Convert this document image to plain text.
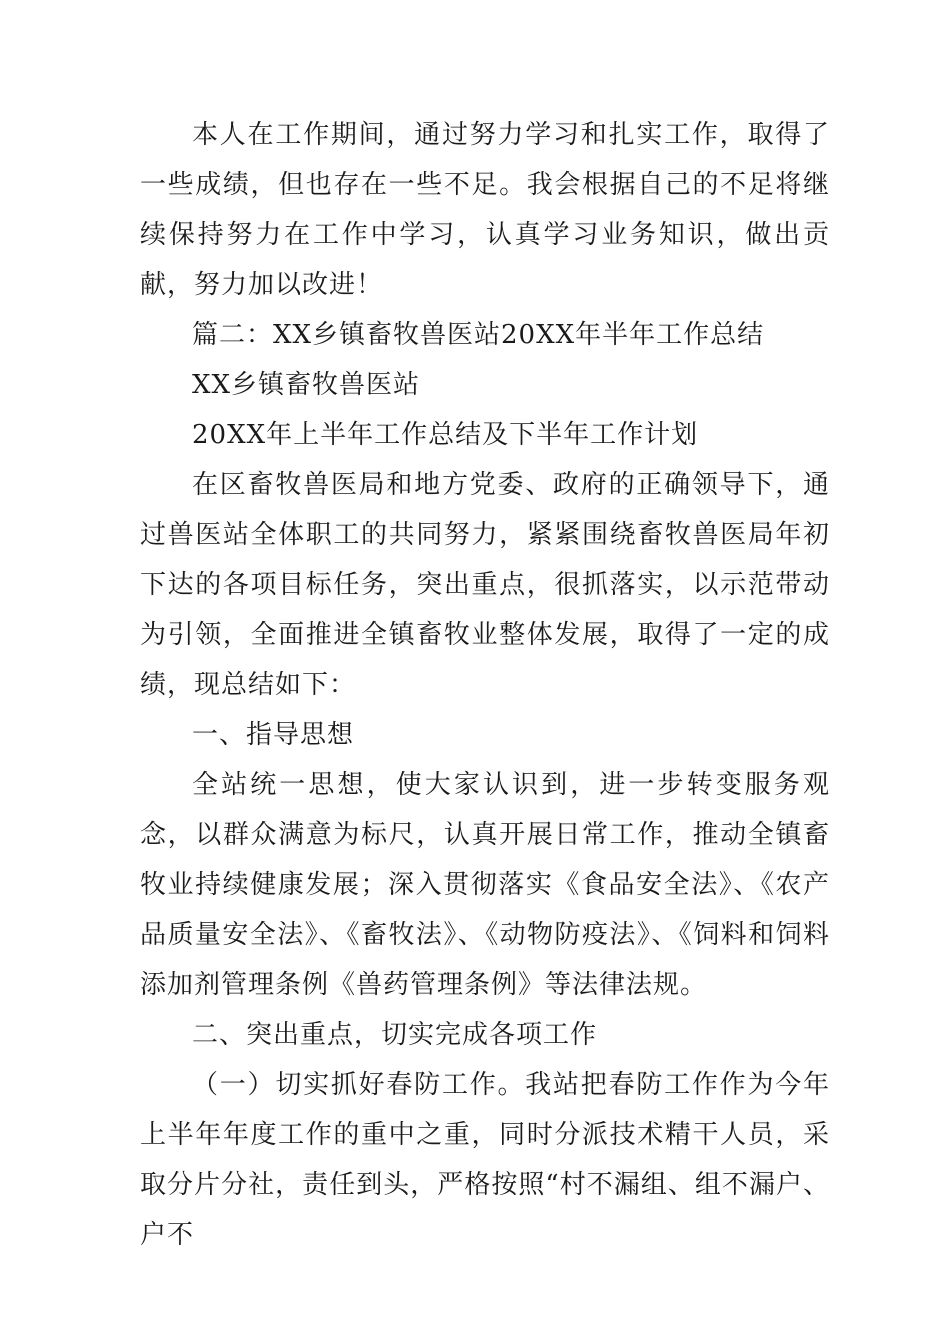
本人在工作期间，通过努力学习和扎实工作，取得了一些成绩，但也存在一些不足。我会根据自己的不足将继续保持努力在工作中学习，认真学习业务知识，做出贡献，努力加以改进！

篇二：XX乡镇畜牧兽医站20XX年半年工作总结

XX乡镇畜牧兽医站

20XX年上半年工作总结及下半年工作计划

在区畜牧兽医局和地方党委、政府的正确领导下，通过兽医站全体职工的共同努力，紧紧围绕畜牧兽医局年初下达的各项目标任务，突出重点，很抓落实，以示范带动为引领，全面推进全镇畜牧业整体发展，取得了一定的成绩，现总结如下：

一、指导思想

全站统一思想，使大家认识到，进一步转变服务观念，以群众满意为标尺，认真开展日常工作，推动全镇畜牧业持续健康发展；深入贯彻落实《食品安全法》、《农产品质量安全法》、《畜牧法》、《动物防疫法》、《饲料和饲料添加剂管理条例《兽药管理条例》等法律法规。

二、突出重点，切实完成各项工作

（一）切实抓好春防工作。我站把春防工作作为今年上半年年度工作的重中之重，同时分派技术精干人员，采取分片分社，责任到头，严格按照“村不漏组、组不漏户、户不
